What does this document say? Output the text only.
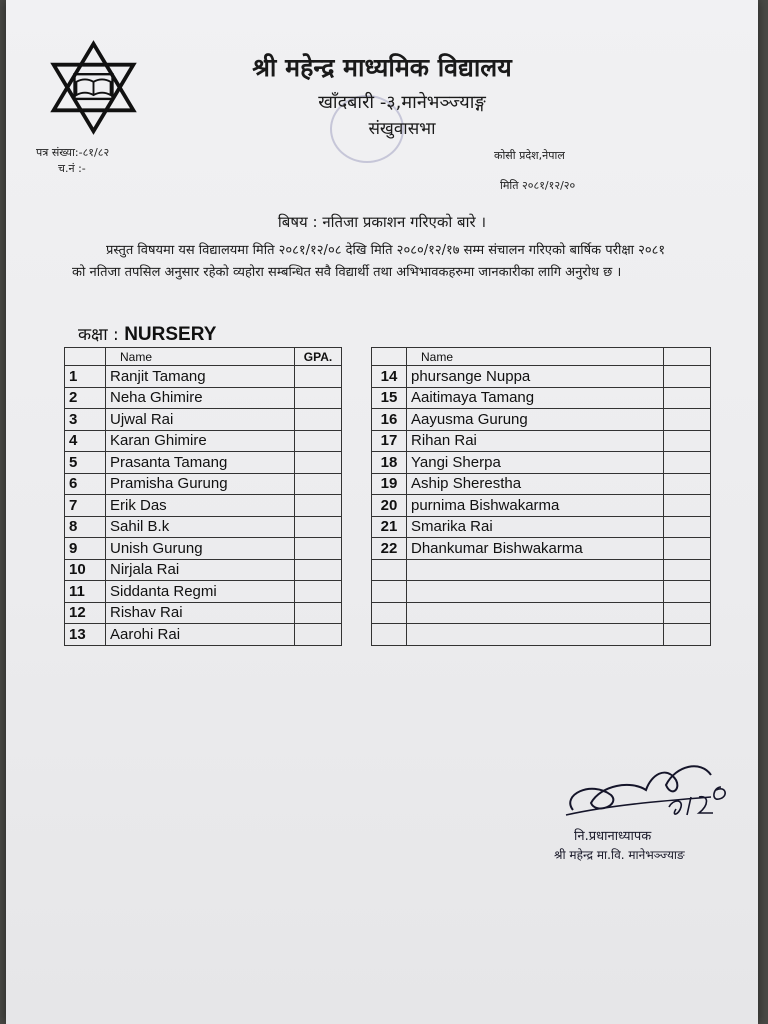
श्री महेन्द्र माध्यमिक विद्यालय
खाँदबारी -३,मानेभञ्ज्याङ्ग
संखुवासभा
पत्र संख्या:-८१/८२
च.नं :-
कोसी प्रदेश,नेपाल
मिति २०८१/१२/२०
बिषय : नतिजा प्रकाशन गरिएको बारे ।
प्रस्तुत विषयमा यस विद्यालयमा मिति २०८१/१२/०८ देखि मिति २०८०/१२/१७ सम्म संचालन गरिएको बार्षिक परीक्षा २०८१ को नतिजा तपसिल अनुसार रहेको व्यहोरा सम्बन्धित सवै विद्यार्थी तथा अभिभावकहरुमा जानकारीका लागि अनुरोध छ ।
कक्षा : NURSERY
	Name	GPA.
1	Ranjit Tamang	
2	Neha Ghimire	
3	Ujwal Rai	
4	Karan Ghimire	
5	Prasanta Tamang	
6	Pramisha Gurung	
7	Erik Das	
8	Sahil B.k	
9	Unish Gurung	
10	Nirjala Rai	
11	Siddanta Regmi	
12	Rishav Rai	
13	Aarohi Rai	
	Name	
14	phursange Nuppa	
15	Aaitimaya Tamang	
16	Aayusma Gurung	
17	Rihan Rai	
18	Yangi Sherpa	
19	Aship Sherestha	
20	purnima Bishwakarma	
21	Smarika Rai	
22	Dhankumar Bishwakarma	

नि.प्रधानाध्यापक
श्री महेन्द्र मा.वि. मानेभञ्ज्याङ
